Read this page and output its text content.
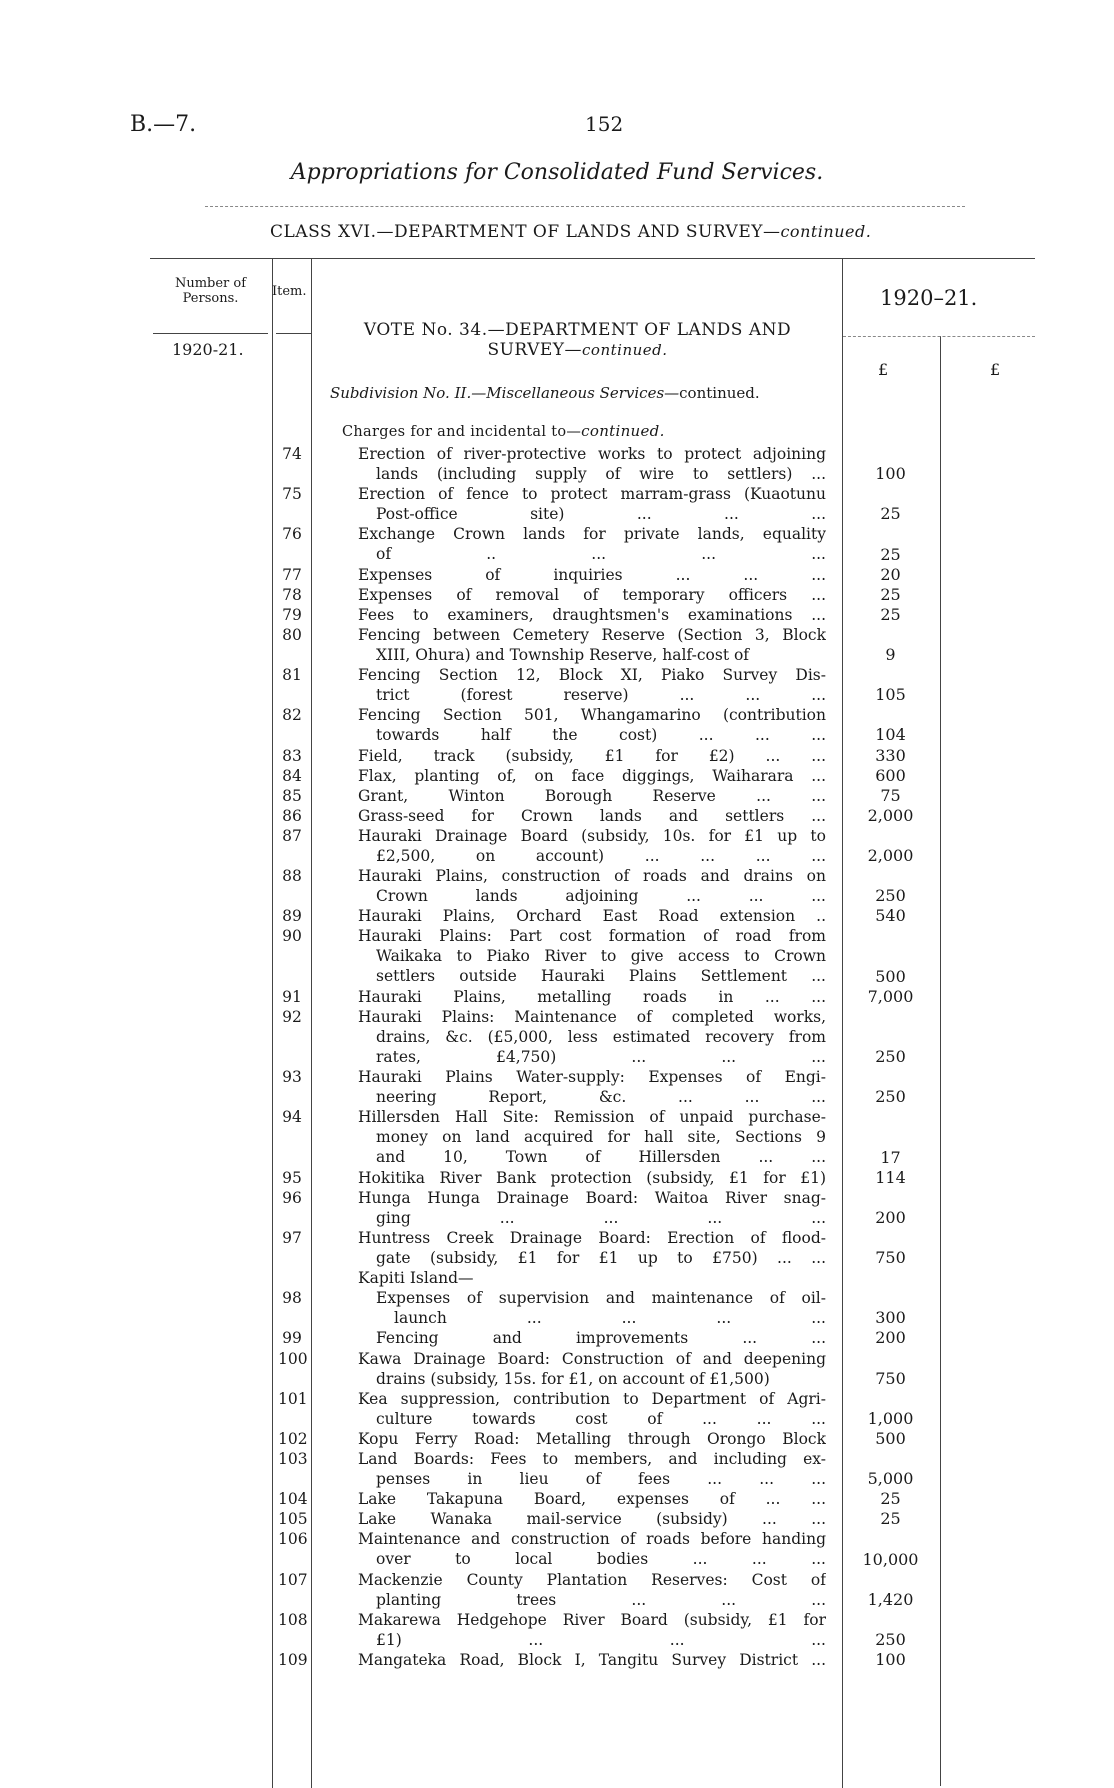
B.—7.	152
Appropriations for Consolidated Fund Services.
CLASS XVI.—DEPARTMENT OF LANDS AND SURVEY—continued.
Number of Persons.	Item.	1920–21.
1920-21.
VOTE No. 34.—DEPARTMENT OF LANDS AND
SURVEY—continued.
£	£
Subdivision No. II.—Miscellaneous Services—continued.
Charges for and incidental to—continued.
74	Erection of river-protective works to protect adjoining
lands (including supply of wire to settlers) ...	100
75	Erection of fence to protect marram-grass (Kuaotunu
Post-office site) ... ... ...	25
76	Exchange Crown lands for private lands, equality
of .. ... ... ...	25
77	Expenses of inquiries ... ... ...	20
78	Expenses of removal of temporary officers ...	25
79	Fees to examiners, draughtsmen's examinations ...	25
80	Fencing between Cemetery Reserve (Section 3, Block
XIII, Ohura) and Township Reserve, half-cost of	9
81	Fencing Section 12, Block XI, Piako Survey Dis-
trict (forest reserve) ... ... ...	105
82	Fencing Section 501, Whangamarino (contribution
towards half the cost) ... ... ...	104
83	Field, track (subsidy, £1 for £2) ... ...	330
84	Flax, planting of, on face diggings, Waiharara ...	600
85	Grant, Winton Borough Reserve ... ...	75
86	Grass-seed for Crown lands and settlers ...	2,000
87	Hauraki Drainage Board (subsidy, 10s. for £1 up to
£2,500, on account) ... ... ... ...	2,000
88	Hauraki Plains, construction of roads and drains on
Crown lands adjoining ... ... ...	250
89	Hauraki Plains, Orchard East Road extension ..	540
90	Hauraki Plains: Part cost formation of road from
Waikaka to Piako River to give access to Crown
settlers outside Hauraki Plains Settlement ...	500
91	Hauraki Plains, metalling roads in ... ...	7,000
92	Hauraki Plains: Maintenance of completed works,
drains, &c. (£5,000, less estimated recovery from
rates, £4,750) ... ... ...	250
93	Hauraki Plains Water-supply: Expenses of Engi-
neering Report, &c. ... ... ...	250
94	Hillersden Hall Site: Remission of unpaid purchase-
money on land acquired for hall site, Sections 9
and 10, Town of Hillersden ... ...	17
95	Hokitika River Bank protection (subsidy, £1 for £1)	114
96	Hunga Hunga Drainage Board: Waitoa River snag-
ging ... ... ... ...	200
97	Huntress Creek Drainage Board: Erection of flood-
gate (subsidy, £1 for £1 up to £750) ... ...	750
Kapiti Island—
98	Expenses of supervision and maintenance of oil-
launch ... ... ... ...	300
99	Fencing and improvements ... ...	200
100	Kawa Drainage Board: Construction of and deepening
drains (subsidy, 15s. for £1, on account of £1,500)	750
101	Kea suppression, contribution to Department of Agri-
culture towards cost of ... ... ...	1,000
102	Kopu Ferry Road: Metalling through Orongo Block	500
103	Land Boards: Fees to members, and including ex-
penses in lieu of fees ... ... ...	5,000
104	Lake Takapuna Board, expenses of ... ...	25
105	Lake Wanaka mail-service (subsidy) ... ...	25
106	Maintenance and construction of roads before handing
over to local bodies ... ... ...	10,000
107	Mackenzie County Plantation Reserves: Cost of
planting trees ... ... ...	1,420
108	Makarewa Hedgehope River Board (subsidy, £1 for
£1) ... ... ...	250
109	Mangateka Road, Block I, Tangitu Survey District ...	100
